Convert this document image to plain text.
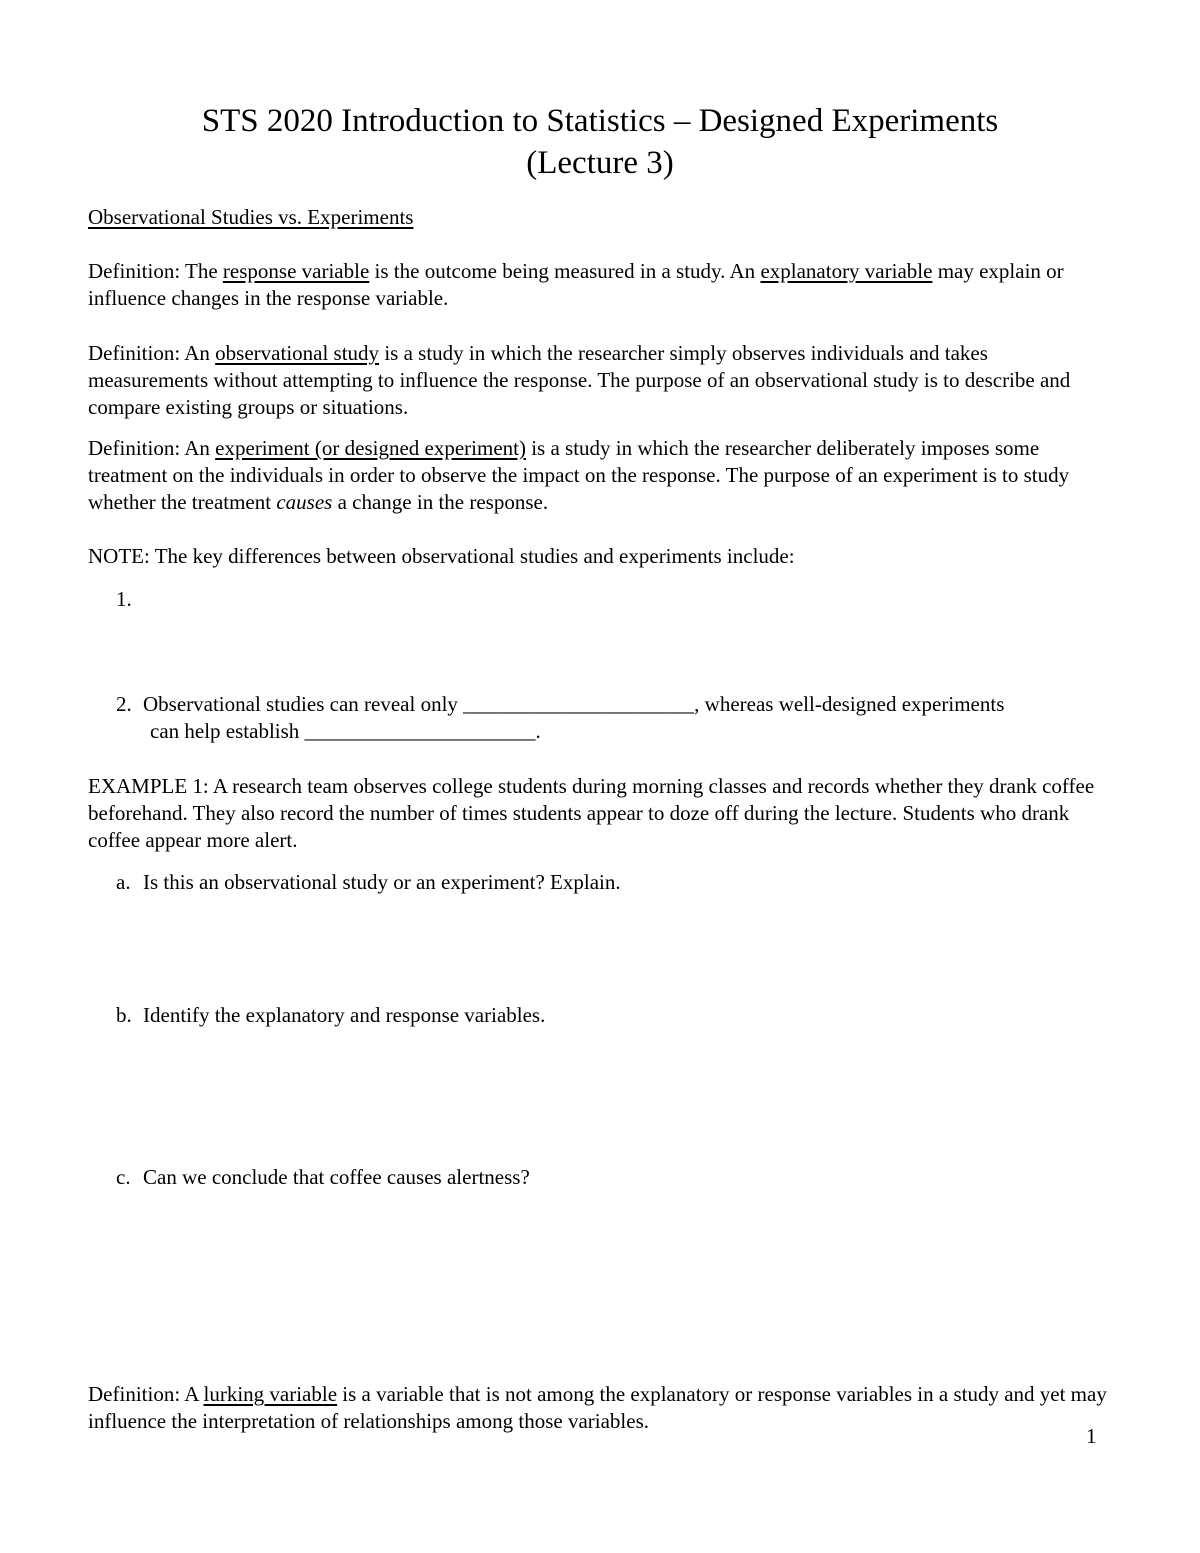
STS 2020 Introduction to Statistics – Designed Experiments
(Lecture 3)
Observational Studies vs. Experiments
Definition: The response variable is the outcome being measured in a study. An explanatory variable may explain or influence changes in the response variable.
Definition: An observational study is a study in which the researcher simply observes individuals and takes measurements without attempting to influence the response. The purpose of an observational study is to describe and compare existing groups or situations.
Definition: An experiment (or designed experiment) is a study in which the researcher deliberately imposes some treatment on the individuals in order to observe the impact on the response. The purpose of an experiment is to study whether the treatment causes a change in the response.
NOTE: The key differences between observational studies and experiments include:
1.
2. Observational studies can reveal only ______________________, whereas well-designed experiments
can help establish ______________________.
EXAMPLE 1: A research team observes college students during morning classes and records whether they drank coffee beforehand. They also record the number of times students appear to doze off during the lecture. Students who drank coffee appear more alert.
a. Is this an observational study or an experiment? Explain.
b. Identify the explanatory and response variables.
c. Can we conclude that coffee causes alertness?
Definition: A lurking variable is a variable that is not among the explanatory or response variables in a study and yet may influence the interpretation of relationships among those variables.
1
